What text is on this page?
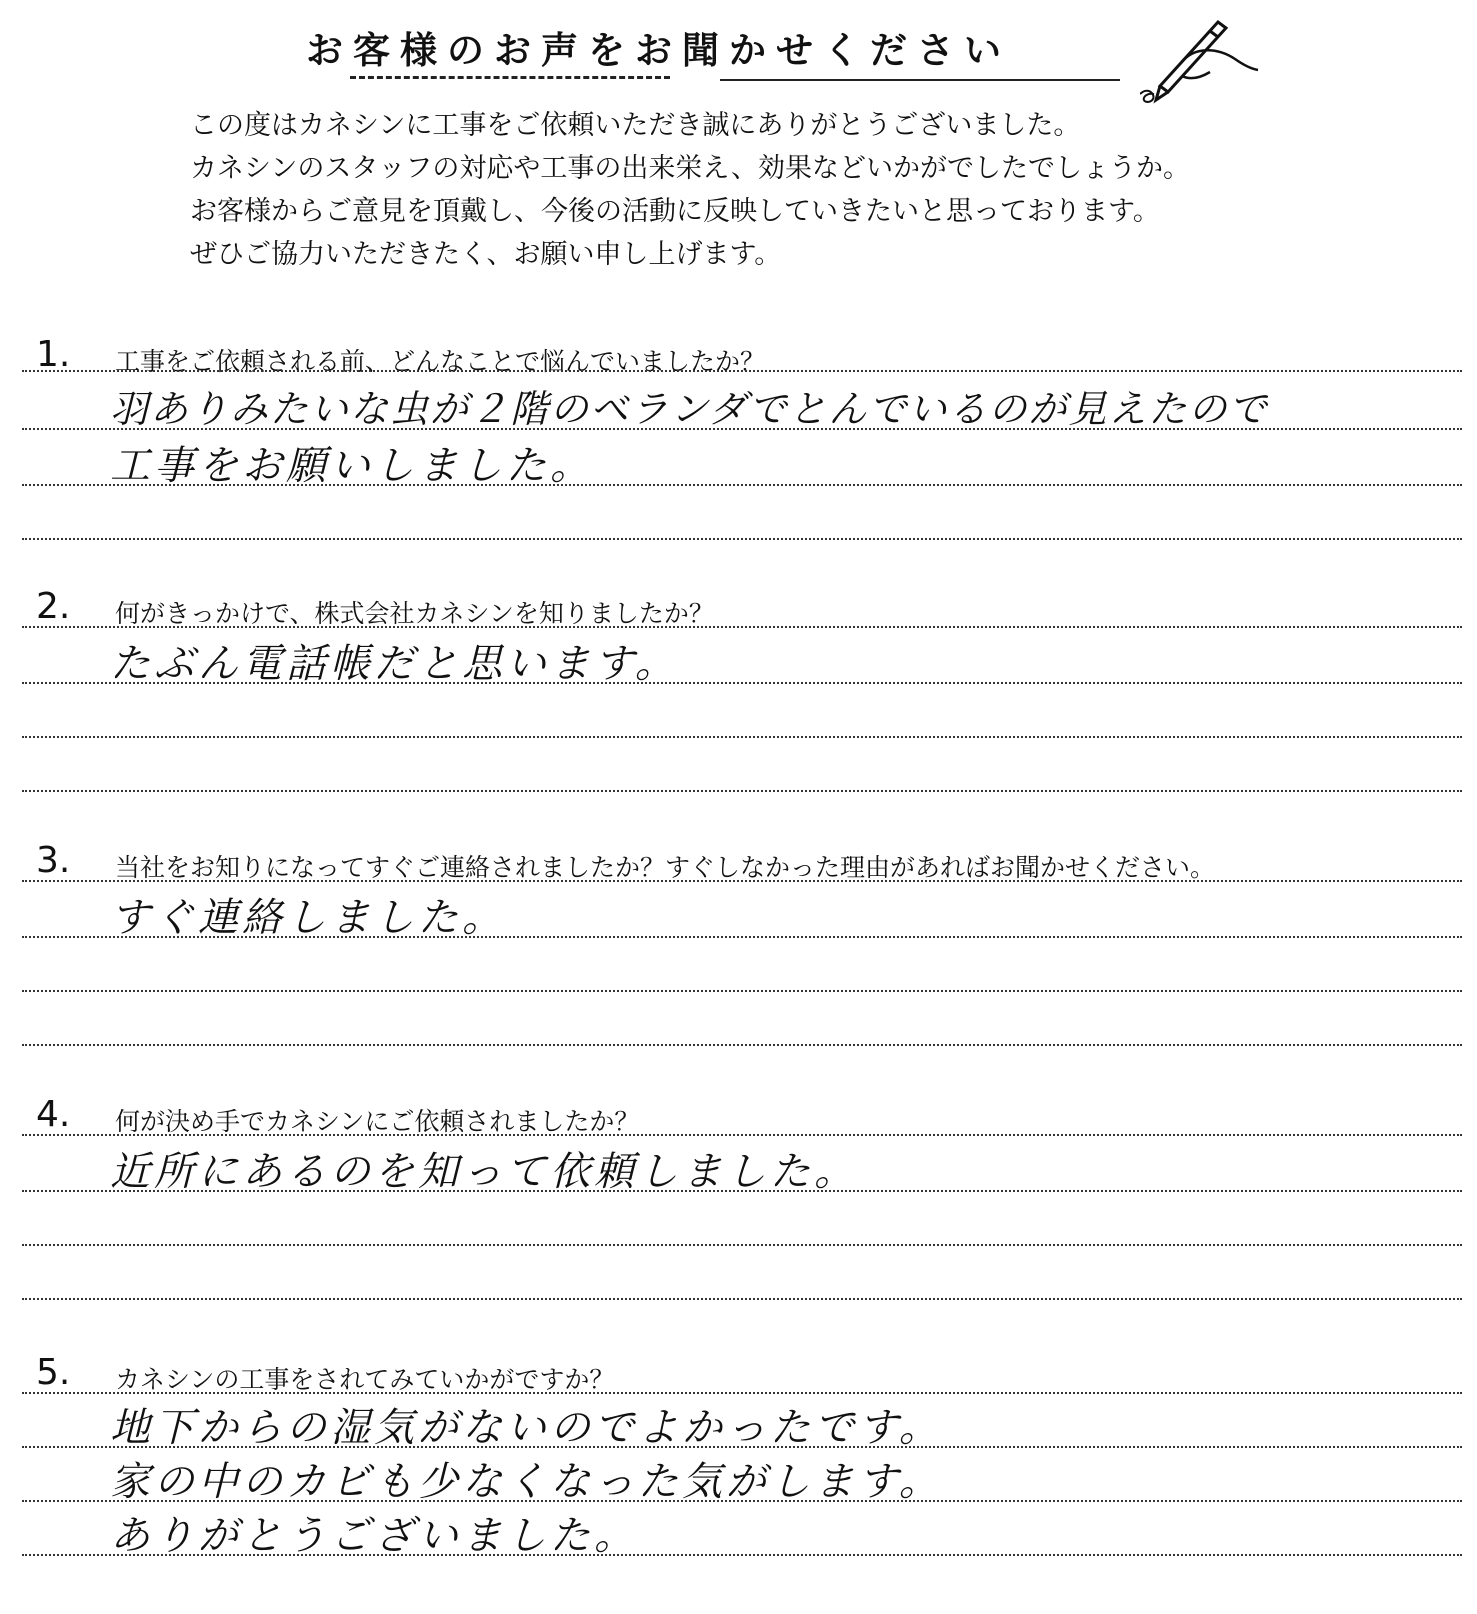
お客様のお声をお聞かせください
この度はカネシンに工事をご依頼いただき誠にありがとうございました。
カネシンのスタッフの対応や工事の出来栄え、効果などいかがでしたでしょうか。
お客様からご意見を頂戴し、今後の活動に反映していきたいと思っております。
ぜひご協力いただきたく、お願い申し上げます。
1. 工事をご依頼される前、どんなことで悩んでいましたか？
羽ありみたいな虫が２階のベランダでとんでいるのが見えたので
工事をお願いしました。
2. 何がきっかけで、株式会社カネシンを知りましたか？
たぶん電話帳だと思います。
3. 当社をお知りになってすぐご連絡されましたか？すぐしなかった理由があればお聞かせください。
すぐ連絡しました。
4. 何が決め手でカネシンにご依頼されましたか？
近所にあるのを知って依頼しました。
5. カネシンの工事をされてみていかがですか？
地下からの湿気がないのでよかったです。
家の中のカビも少なくなった気がします。
ありがとうございました。
